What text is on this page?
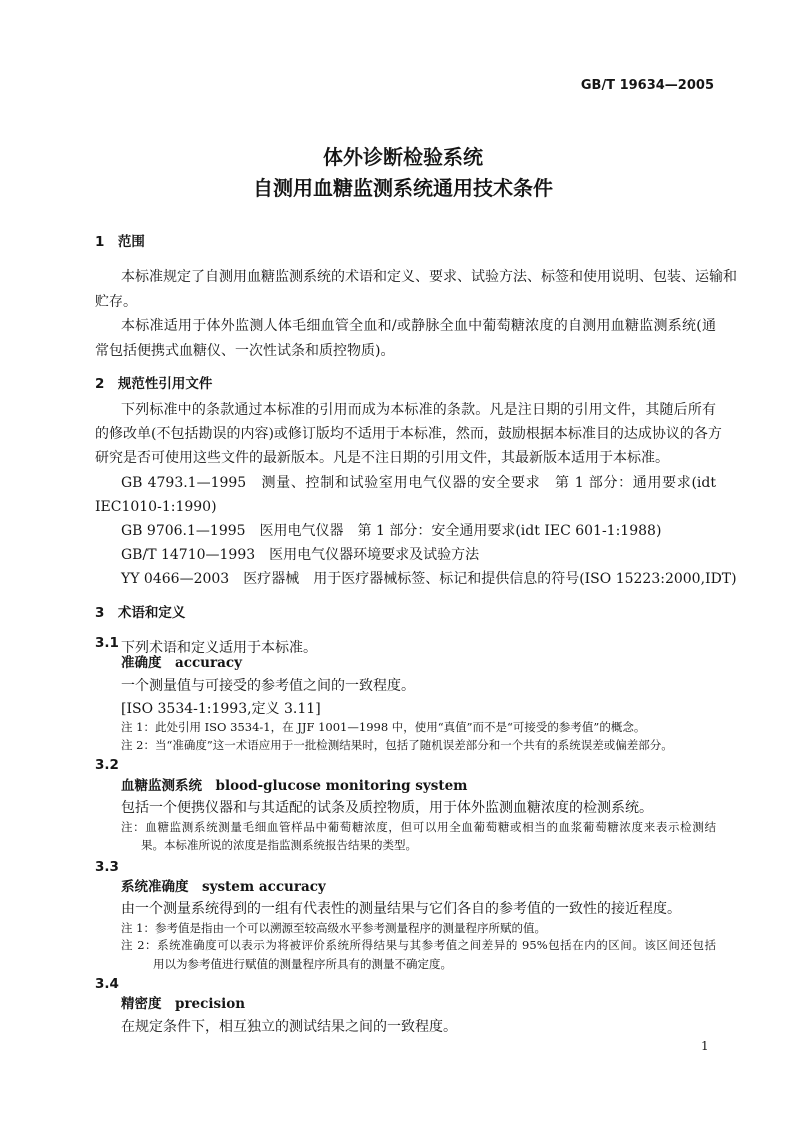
GB/T 19634—2005
体外诊断检验系统
自测用血糖监测系统通用技术条件
1　范围
本标准规定了自测用血糖监测系统的术语和定义、要求、试验方法、标签和使用说明、包装、运输和
贮存。
本标准适用于体外监测人体毛细血管全血和/或静脉全血中葡萄糖浓度的自测用血糖监测系统(通
常包括便携式血糖仪、一次性试条和质控物质)。
2　规范性引用文件
下列标准中的条款通过本标准的引用而成为本标准的条款。凡是注日期的引用文件，其随后所有
的修改单(不包括勘误的内容)或修订版均不适用于本标准，然而，鼓励根据本标准目的达成协议的各方
研究是否可使用这些文件的最新版本。凡是不注日期的引用文件，其最新版本适用于本标准。
GB 4793.1—1995　测量、控制和试验室用电气仪器的安全要求　第 1 部分：通用要求(idt
IEC1010-1:1990)
GB 9706.1—1995　医用电气仪器　第 1 部分：安全通用要求(idt IEC 601-1:1988)
GB/T 14710—1993　医用电气仪器环境要求及试验方法
YY 0466—2003　医疗器械　用于医疗器械标签、标记和提供信息的符号(ISO 15223:2000,IDT)
3　术语和定义
下列术语和定义适用于本标准。
3.1
准确度　accuracy
一个测量值与可接受的参考值之间的一致程度。
[ISO 3534-1:1993,定义 3.11]
注 1：此处引用 ISO 3534-1，在 JJF 1001—1998 中，使用“真值”而不是“可接受的参考值”的概念。
注 2：当“准确度”这一术语应用于一批检测结果时，包括了随机误差部分和一个共有的系统误差或偏差部分。
3.2
血糖监测系统　blood-glucose monitoring system
包括一个便携仪器和与其适配的试条及质控物质，用于体外监测血糖浓度的检测系统。
注：血糖监测系统测量毛细血管样品中葡萄糖浓度，但可以用全血葡萄糖或相当的血浆葡萄糖浓度来表示检测结
果。本标准所说的浓度是指监测系统报告结果的类型。
3.3
系统准确度　system accuracy
由一个测量系统得到的一组有代表性的测量结果与它们各自的参考值的一致性的接近程度。
注 1：参考值是指由一个可以溯源至较高级水平参考测量程序的测量程序所赋的值。
注 2：系统准确度可以表示为将被评价系统所得结果与其参考值之间差异的 95%包括在内的区间。该区间还包括
用以为参考值进行赋值的测量程序所具有的测量不确定度。
3.4
精密度　precision
在规定条件下，相互独立的测试结果之间的一致程度。
1
